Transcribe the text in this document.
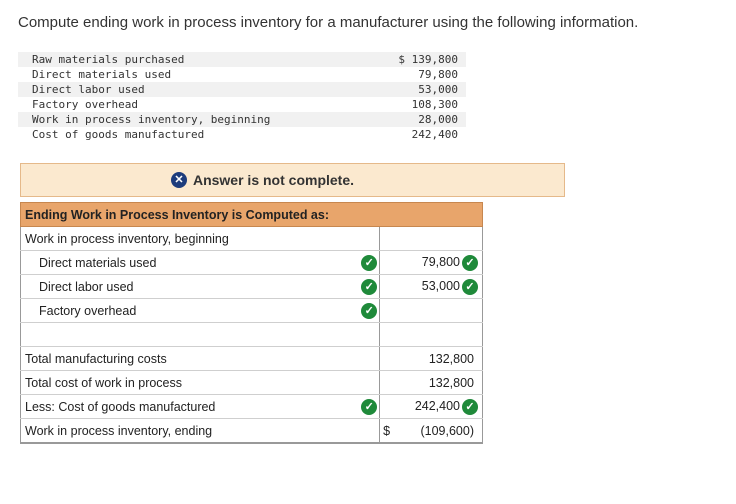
Compute ending work in process inventory for a manufacturer using the following information.
Raw materials purchased	$ 139,800
Direct materials used	79,800
Direct labor used	53,000
Factory overhead	108,300
Work in process inventory, beginning	28,000
Cost of goods manufactured	242,400
✕ Answer is not complete.
Ending Work in Process Inventory is Computed as:		
Work in process inventory, beginning		
Direct materials used	✓	79,800 ✓
Direct labor used	✓	53,000 ✓
Factory overhead	✓	

Total manufacturing costs		132,800
Total cost of work in process		132,800
Less: Cost of goods manufactured	✓	242,400 ✓
Work in process inventory, ending		$ (109,600)
